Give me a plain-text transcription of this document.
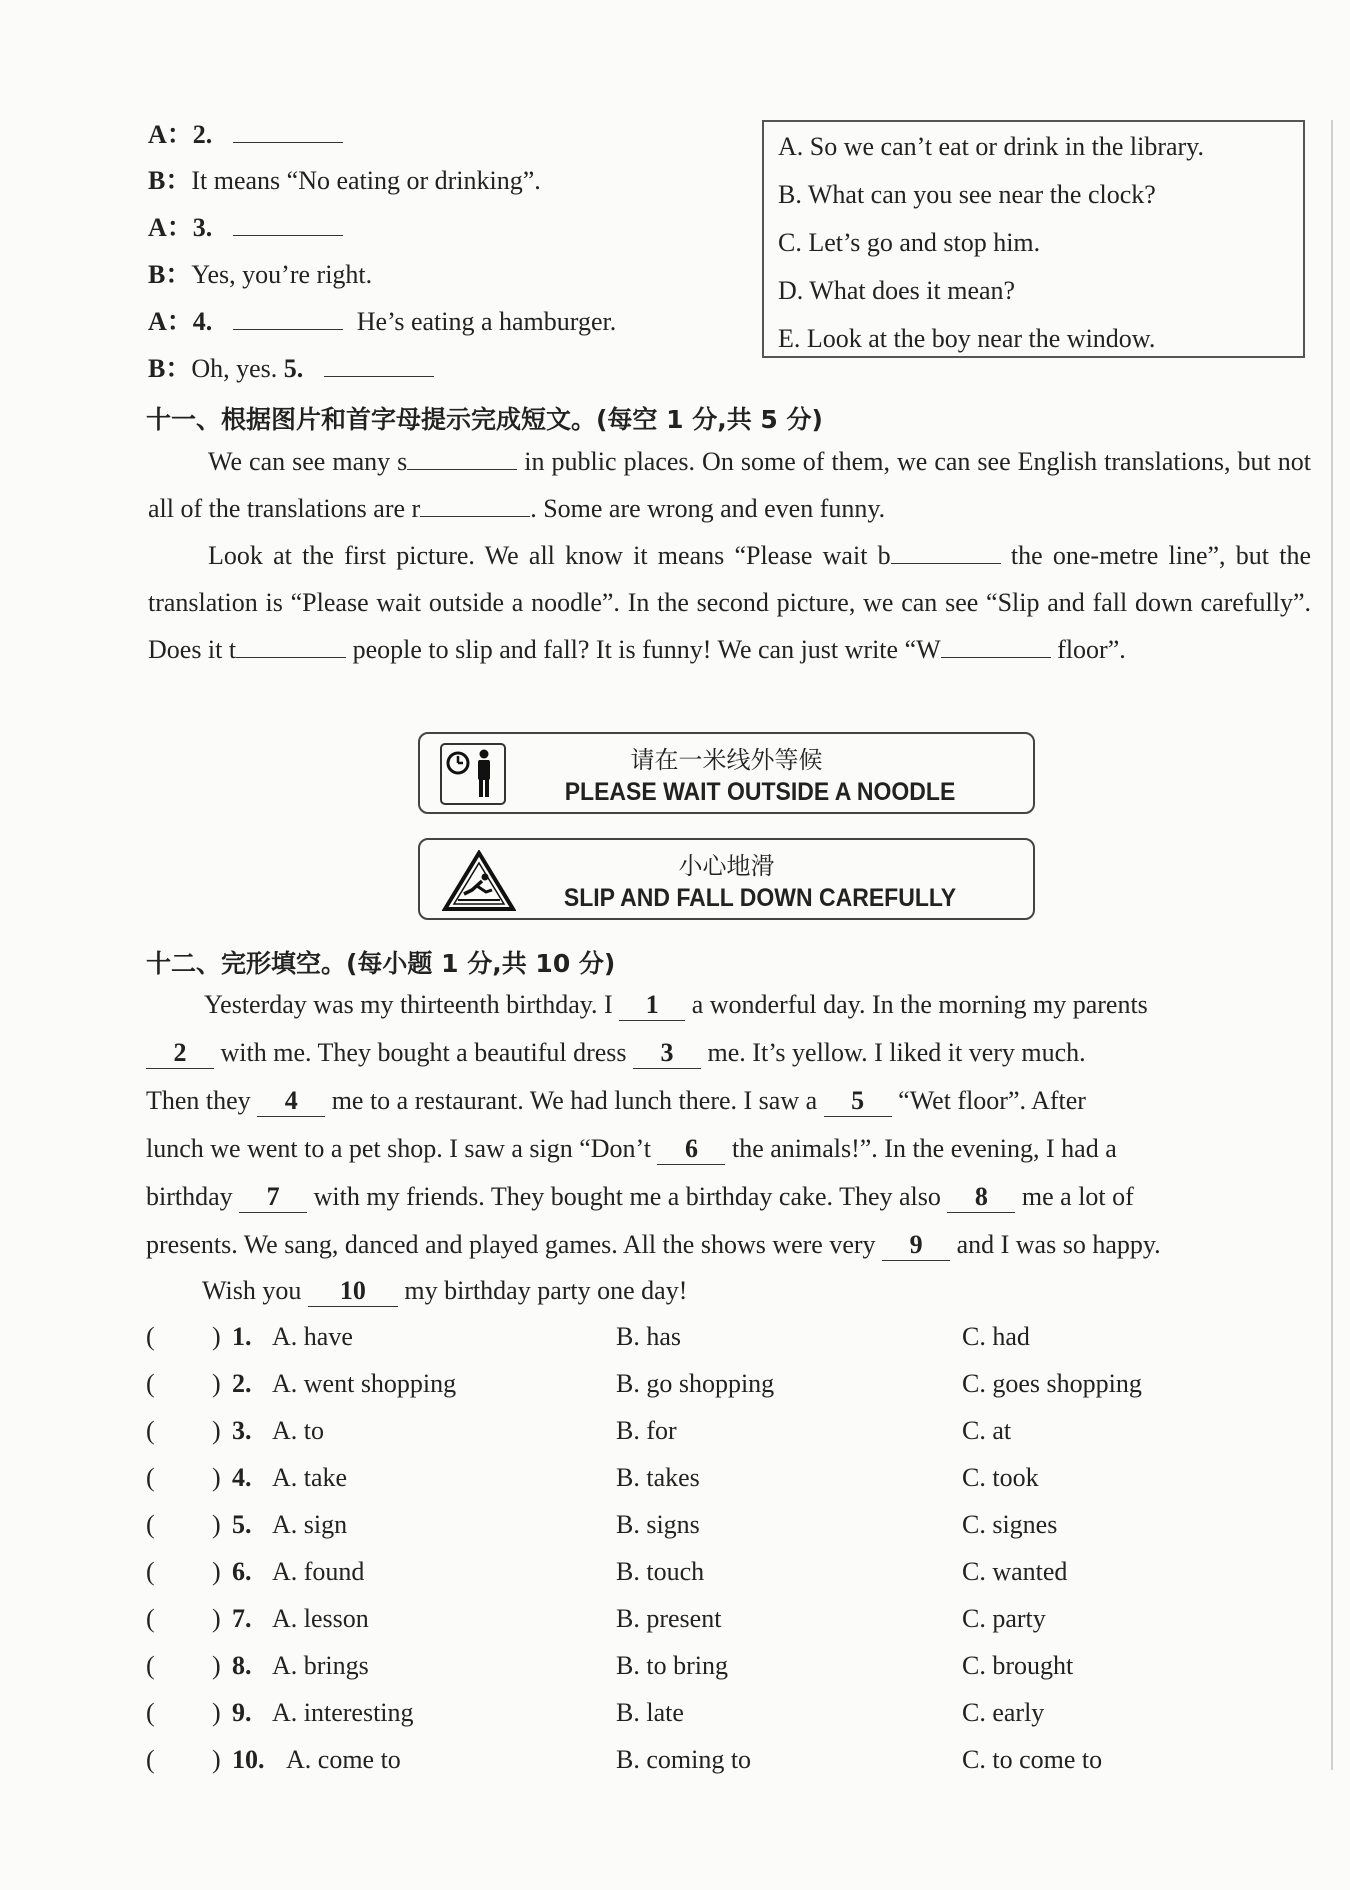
A：2.
B：It means “No eating or drinking”.
A：3.
B：Yes, you’re right.
A：4.	He’s eating a hamburger.
B：Oh, yes. 5.
A. So we can’t eat or drink in the library.
B. What can you see near the clock?
C. Let’s go and stop him.
D. What does it mean?
E. Look at the boy near the window.
十一、根据图片和首字母提示完成短文。(每空 1 分,共 5 分)
We can see many s	in public places. On some of them, we can see English translations, but not all of the translations are r	. Some are wrong and even funny.
Look at the first picture. We all know it means “Please wait b	the one-metre line”, but the translation is “Please wait outside a noodle”. In the second picture, we can see “Slip and fall down carefully”. Does it t	people to slip and fall? It is funny! We can just write “W	floor”.
请在一米线外等候
PLEASE WAIT OUTSIDE A NOODLE
小心地滑
SLIP AND FALL DOWN CAREFULLY
十二、完形填空。(每小题 1 分,共 10 分)
Yesterday was my thirteenth birthday. I 1 a wonderful day. In the morning my parents
2 with me. They bought a beautiful dress 3 me. It’s yellow. I liked it very much.
Then they 4 me to a restaurant. We had lunch there. I saw a 5 “Wet floor”. After
lunch we went to a pet shop. I saw a sign “Don’t 6 the animals!”. In the evening, I had a
birthday 7 with my friends. They bought me a birthday cake. They also 8 me a lot of
presents. We sang, danced and played games. All the shows were very 9 and I was so happy.
Wish you 10 my birthday party one day!
( ) 1. A. have	B. has	C. had
( ) 2. A. went shopping	B. go shopping	C. goes shopping
( ) 3. A. to	B. for	C. at
( ) 4. A. take	B. takes	C. took
( ) 5. A. sign	B. signs	C. signes
( ) 6. A. found	B. touch	C. wanted
( ) 7. A. lesson	B. present	C. party
( ) 8. A. brings	B. to bring	C. brought
( ) 9. A. interesting	B. late	C. early
( ) 10. A. come to	B. coming to	C. to come to
